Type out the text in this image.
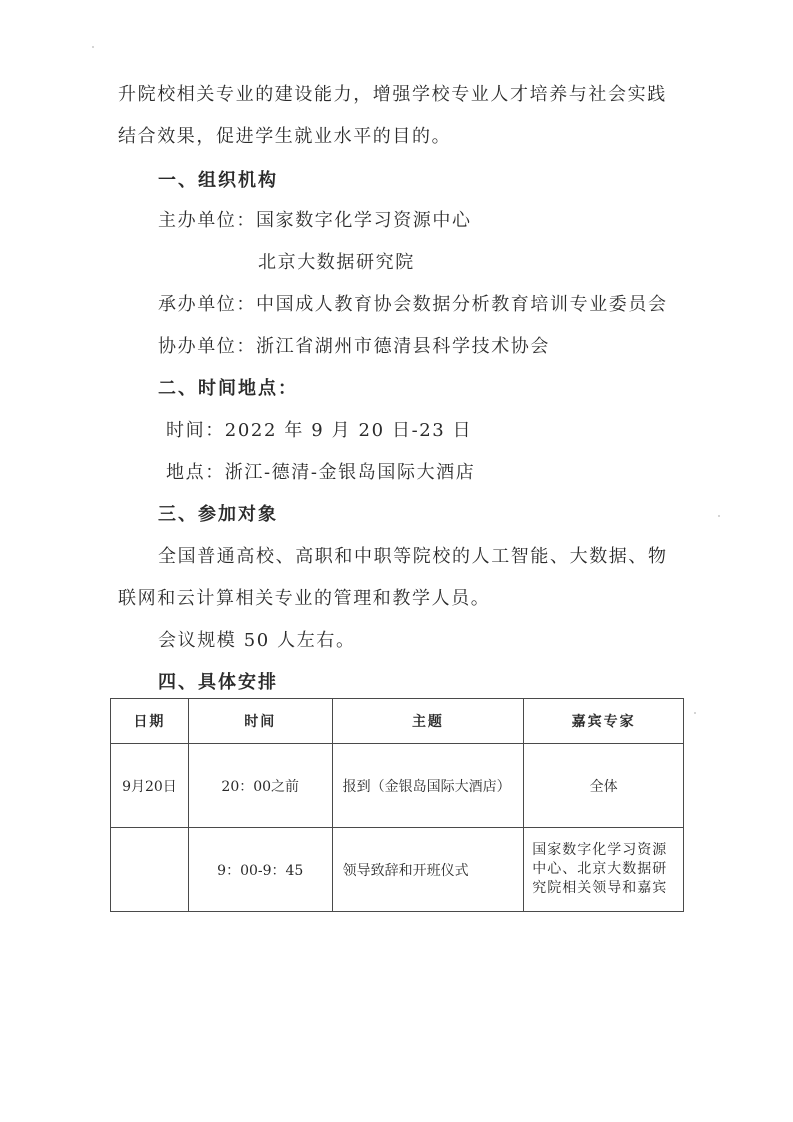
升院校相关专业的建设能力，增强学校专业人才培养与社会实践
结合效果，促进学生就业水平的目的。
一、组织机构
主办单位：国家数字化学习资源中心
北京大数据研究院
承办单位：中国成人教育协会数据分析教育培训专业委员会
协办单位：浙江省湖州市德清县科学技术协会
二、时间地点：
时间：2022 年 9 月 20 日-23 日
地点：浙江-德清-金银岛国际大酒店
三、参加对象
全国普通高校、高职和中职等院校的人工智能、大数据、物
联网和云计算相关专业的管理和教学人员。
会议规模 50 人左右。
四、具体安排
日期	时间	主题	嘉宾专家
9月20日	20：00之前	报到（金银岛国际大酒店）	全体
	9：00-9：45	领导致辞和开班仪式	国家数字化学习资源中心、北京大数据研究院相关领导和嘉宾
